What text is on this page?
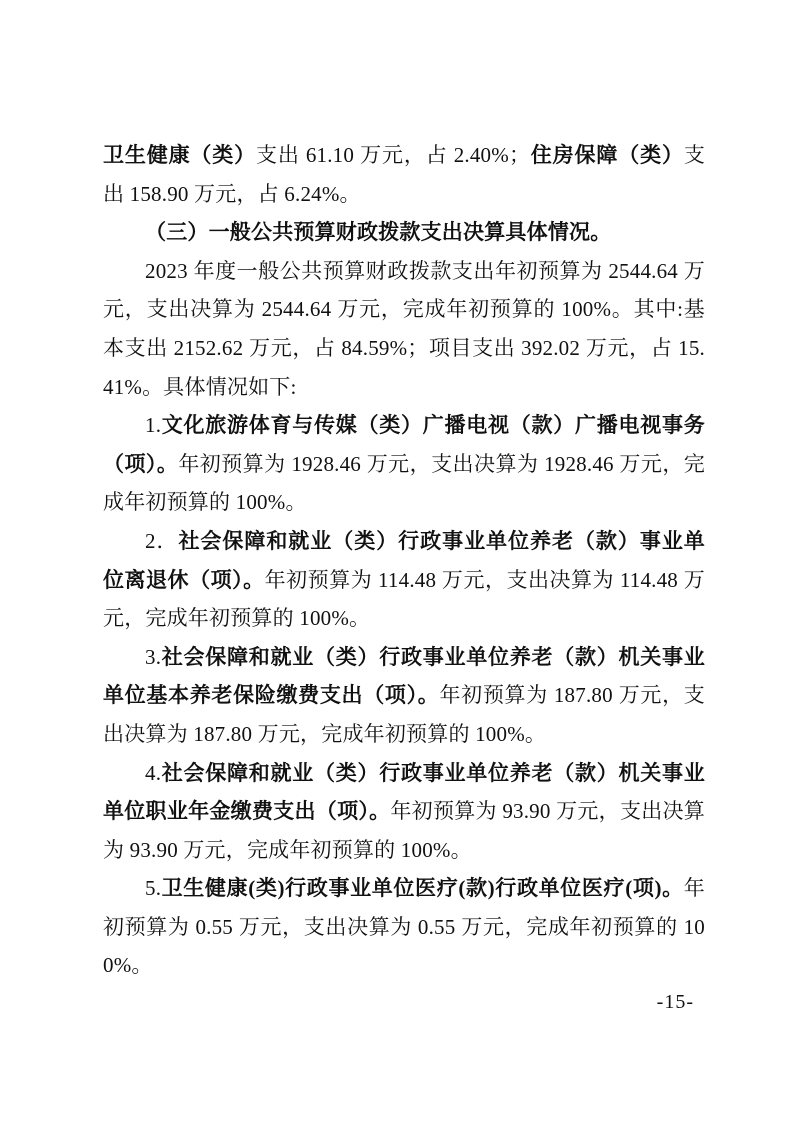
卫生健康（类）支出 61.10 万元，占 2.40%；住房保障（类）支出 158.90 万元，占 6.24%。

（三）一般公共预算财政拨款支出决算具体情况。

2023 年度一般公共预算财政拨款支出年初预算为 2544.64 万元，支出决算为 2544.64 万元，完成年初预算的 100%。其中:基本支出 2152.62 万元，占 84.59%；项目支出 392.02 万元，占 15.41%。具体情况如下:

1.文化旅游体育与传媒（类）广播电视（款）广播电视事务（项）。年初预算为 1928.46 万元，支出决算为 1928.46 万元，完成年初预算的 100%。

2．社会保障和就业（类）行政事业单位养老（款）事业单位离退休（项）。年初预算为 114.48 万元，支出决算为 114.48 万元，完成年初预算的 100%。

3.社会保障和就业（类）行政事业单位养老（款）机关事业单位基本养老保险缴费支出（项）。年初预算为 187.80 万元，支出决算为 187.80 万元，完成年初预算的 100%。

4.社会保障和就业（类）行政事业单位养老（款）机关事业单位职业年金缴费支出（项）。年初预算为 93.90 万元，支出决算为 93.90 万元，完成年初预算的 100%。

5.卫生健康(类)行政事业单位医疗(款)行政单位医疗(项)。年初预算为 0.55 万元，支出决算为 0.55 万元，完成年初预算的 100%。

-15-
